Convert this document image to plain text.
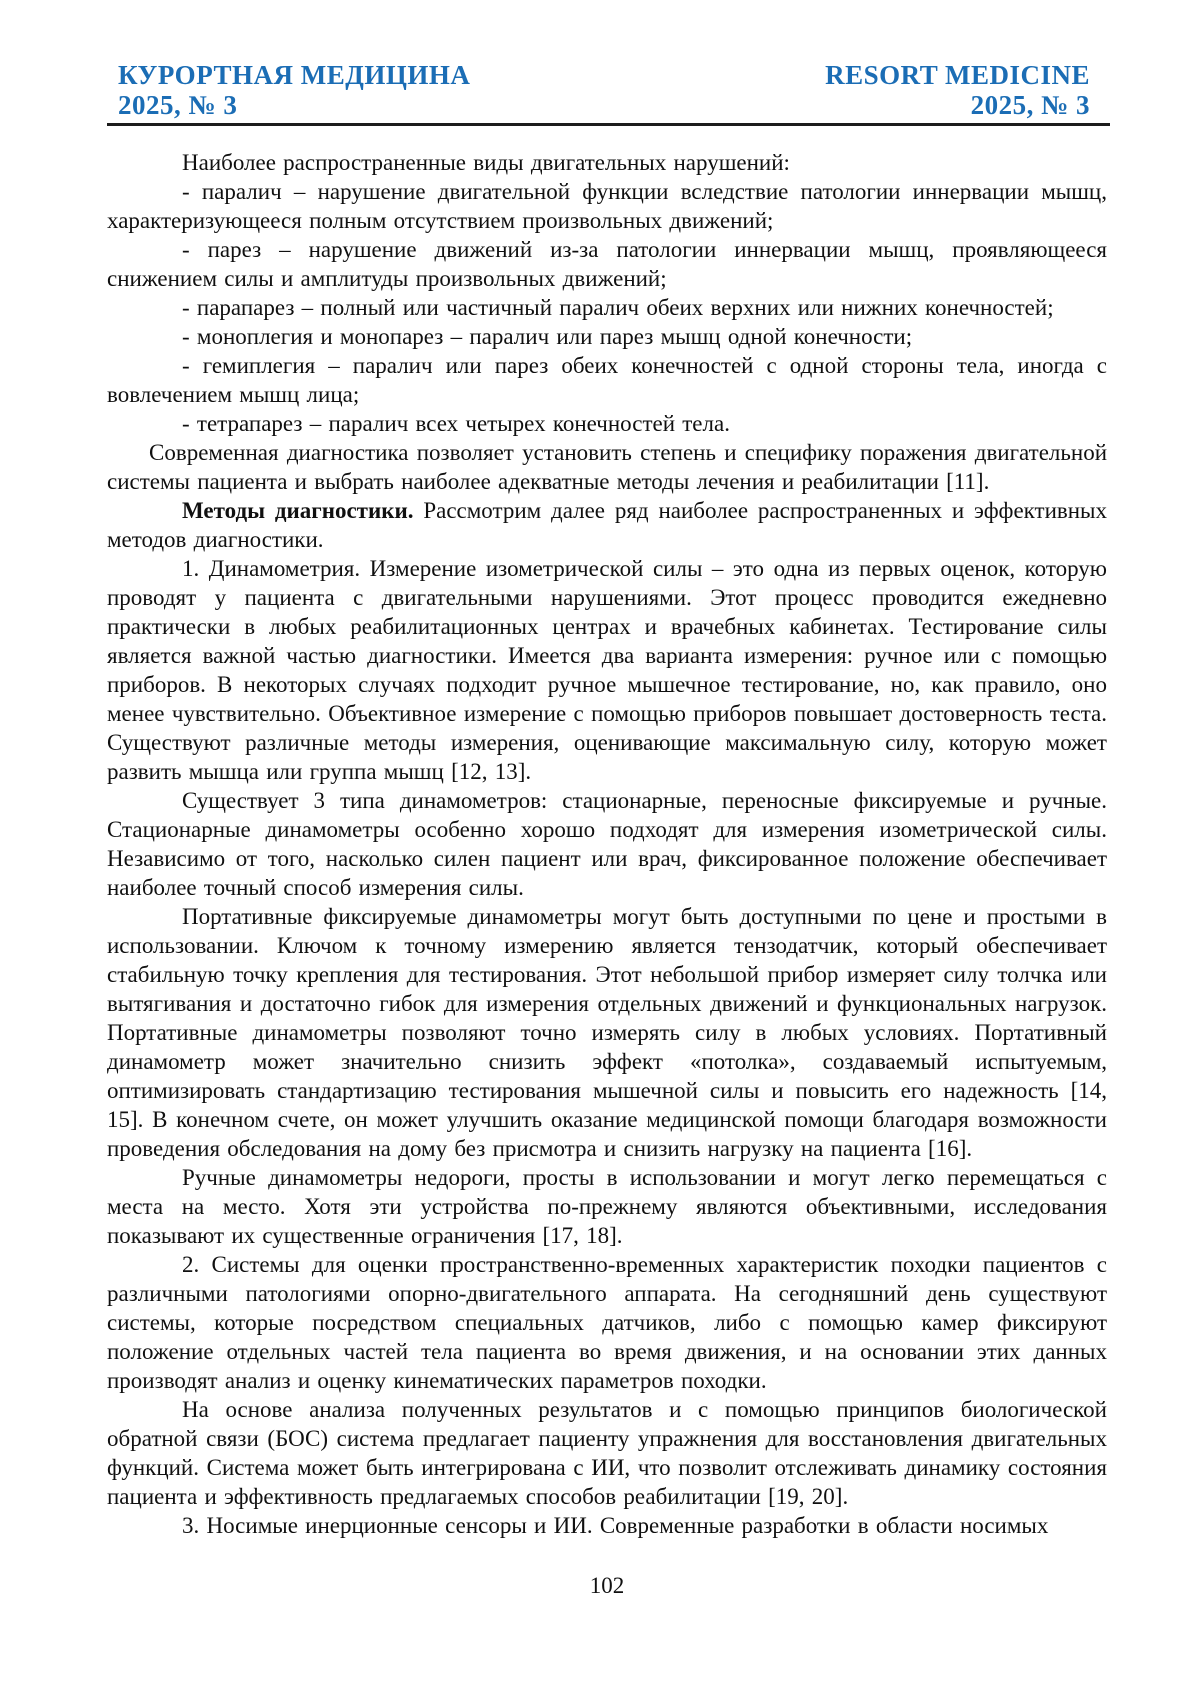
КУРОРТНАЯ МЕДИЦИНА
2025, № 3
RESORT MEDICINE
2025, № 3

Наиболее распространенные виды двигательных нарушений:

- паралич – нарушение двигательной функции вследствие патологии иннервации мышц, характеризующееся полным отсутствием произвольных движений;

- парез – нарушение движений из-за патологии иннервации мышц, проявляющееся снижением силы и амплитуды произвольных движений;

- парапарез – полный или частичный паралич обеих верхних или нижних конечностей;

- моноплегия и монопарез – паралич или парез мышц одной конечности;

- гемиплегия – паралич или парез обеих конечностей с одной стороны тела, иногда с вовлечением мышц лица;

- тетрапарез – паралич всех четырех конечностей тела.

Современная диагностика позволяет установить степень и специфику поражения двигательной системы пациента и выбрать наиболее адекватные методы лечения и реабилитации [11].

Методы диагностики. Рассмотрим далее ряд наиболее распространенных и эффективных методов диагностики.

1. Динамометрия. Измерение изометрической силы – это одна из первых оценок, которую проводят у пациента с двигательными нарушениями. Этот процесс проводится ежедневно практически в любых реабилитационных центрах и врачебных кабинетах. Тестирование силы является важной частью диагностики. Имеется два варианта измерения: ручное или с помощью приборов. В некоторых случаях подходит ручное мышечное тестирование, но, как правило, оно менее чувствительно. Объективное измерение с помощью приборов повышает достоверность теста. Существуют различные методы измерения, оценивающие максимальную силу, которую может развить мышца или группа мышц [12, 13].

Существует 3 типа динамометров: стационарные, переносные фиксируемые и ручные. Стационарные динамометры особенно хорошо подходят для измерения изометрической силы. Независимо от того, насколько силен пациент или врач, фиксированное положение обеспечивает наиболее точный способ измерения силы.

Портативные фиксируемые динамометры могут быть доступными по цене и простыми в использовании. Ключом к точному измерению является тензодатчик, который обеспечивает стабильную точку крепления для тестирования. Этот небольшой прибор измеряет силу толчка или вытягивания и достаточно гибок для измерения отдельных движений и функциональных нагрузок. Портативные динамометры позволяют точно измерять силу в любых условиях. Портативный динамометр может значительно снизить эффект «потолка», создаваемый испытуемым, оптимизировать стандартизацию тестирования мышечной силы и повысить его надежность [14, 15]. В конечном счете, он может улучшить оказание медицинской помощи благодаря возможности проведения обследования на дому без присмотра и снизить нагрузку на пациента [16].

Ручные динамометры недороги, просты в использовании и могут легко перемещаться с места на место. Хотя эти устройства по-прежнему являются объективными, исследования показывают их существенные ограничения [17, 18].

2. Системы для оценки пространственно-временных характеристик походки пациентов с различными патологиями опорно-двигательного аппарата. На сегодняшний день существуют системы, которые посредством специальных датчиков, либо с помощью камер фиксируют положение отдельных частей тела пациента во время движения, и на основании этих данных производят анализ и оценку кинематических параметров походки.

На основе анализа полученных результатов и с помощью принципов биологической обратной связи (БОС) система предлагает пациенту упражнения для восстановления двигательных функций. Система может быть интегрирована с ИИ, что позволит отслеживать динамику состояния пациента и эффективность предлагаемых способов реабилитации [19, 20].

3. Носимые инерционные сенсоры и ИИ. Современные разработки в области носимых

102
